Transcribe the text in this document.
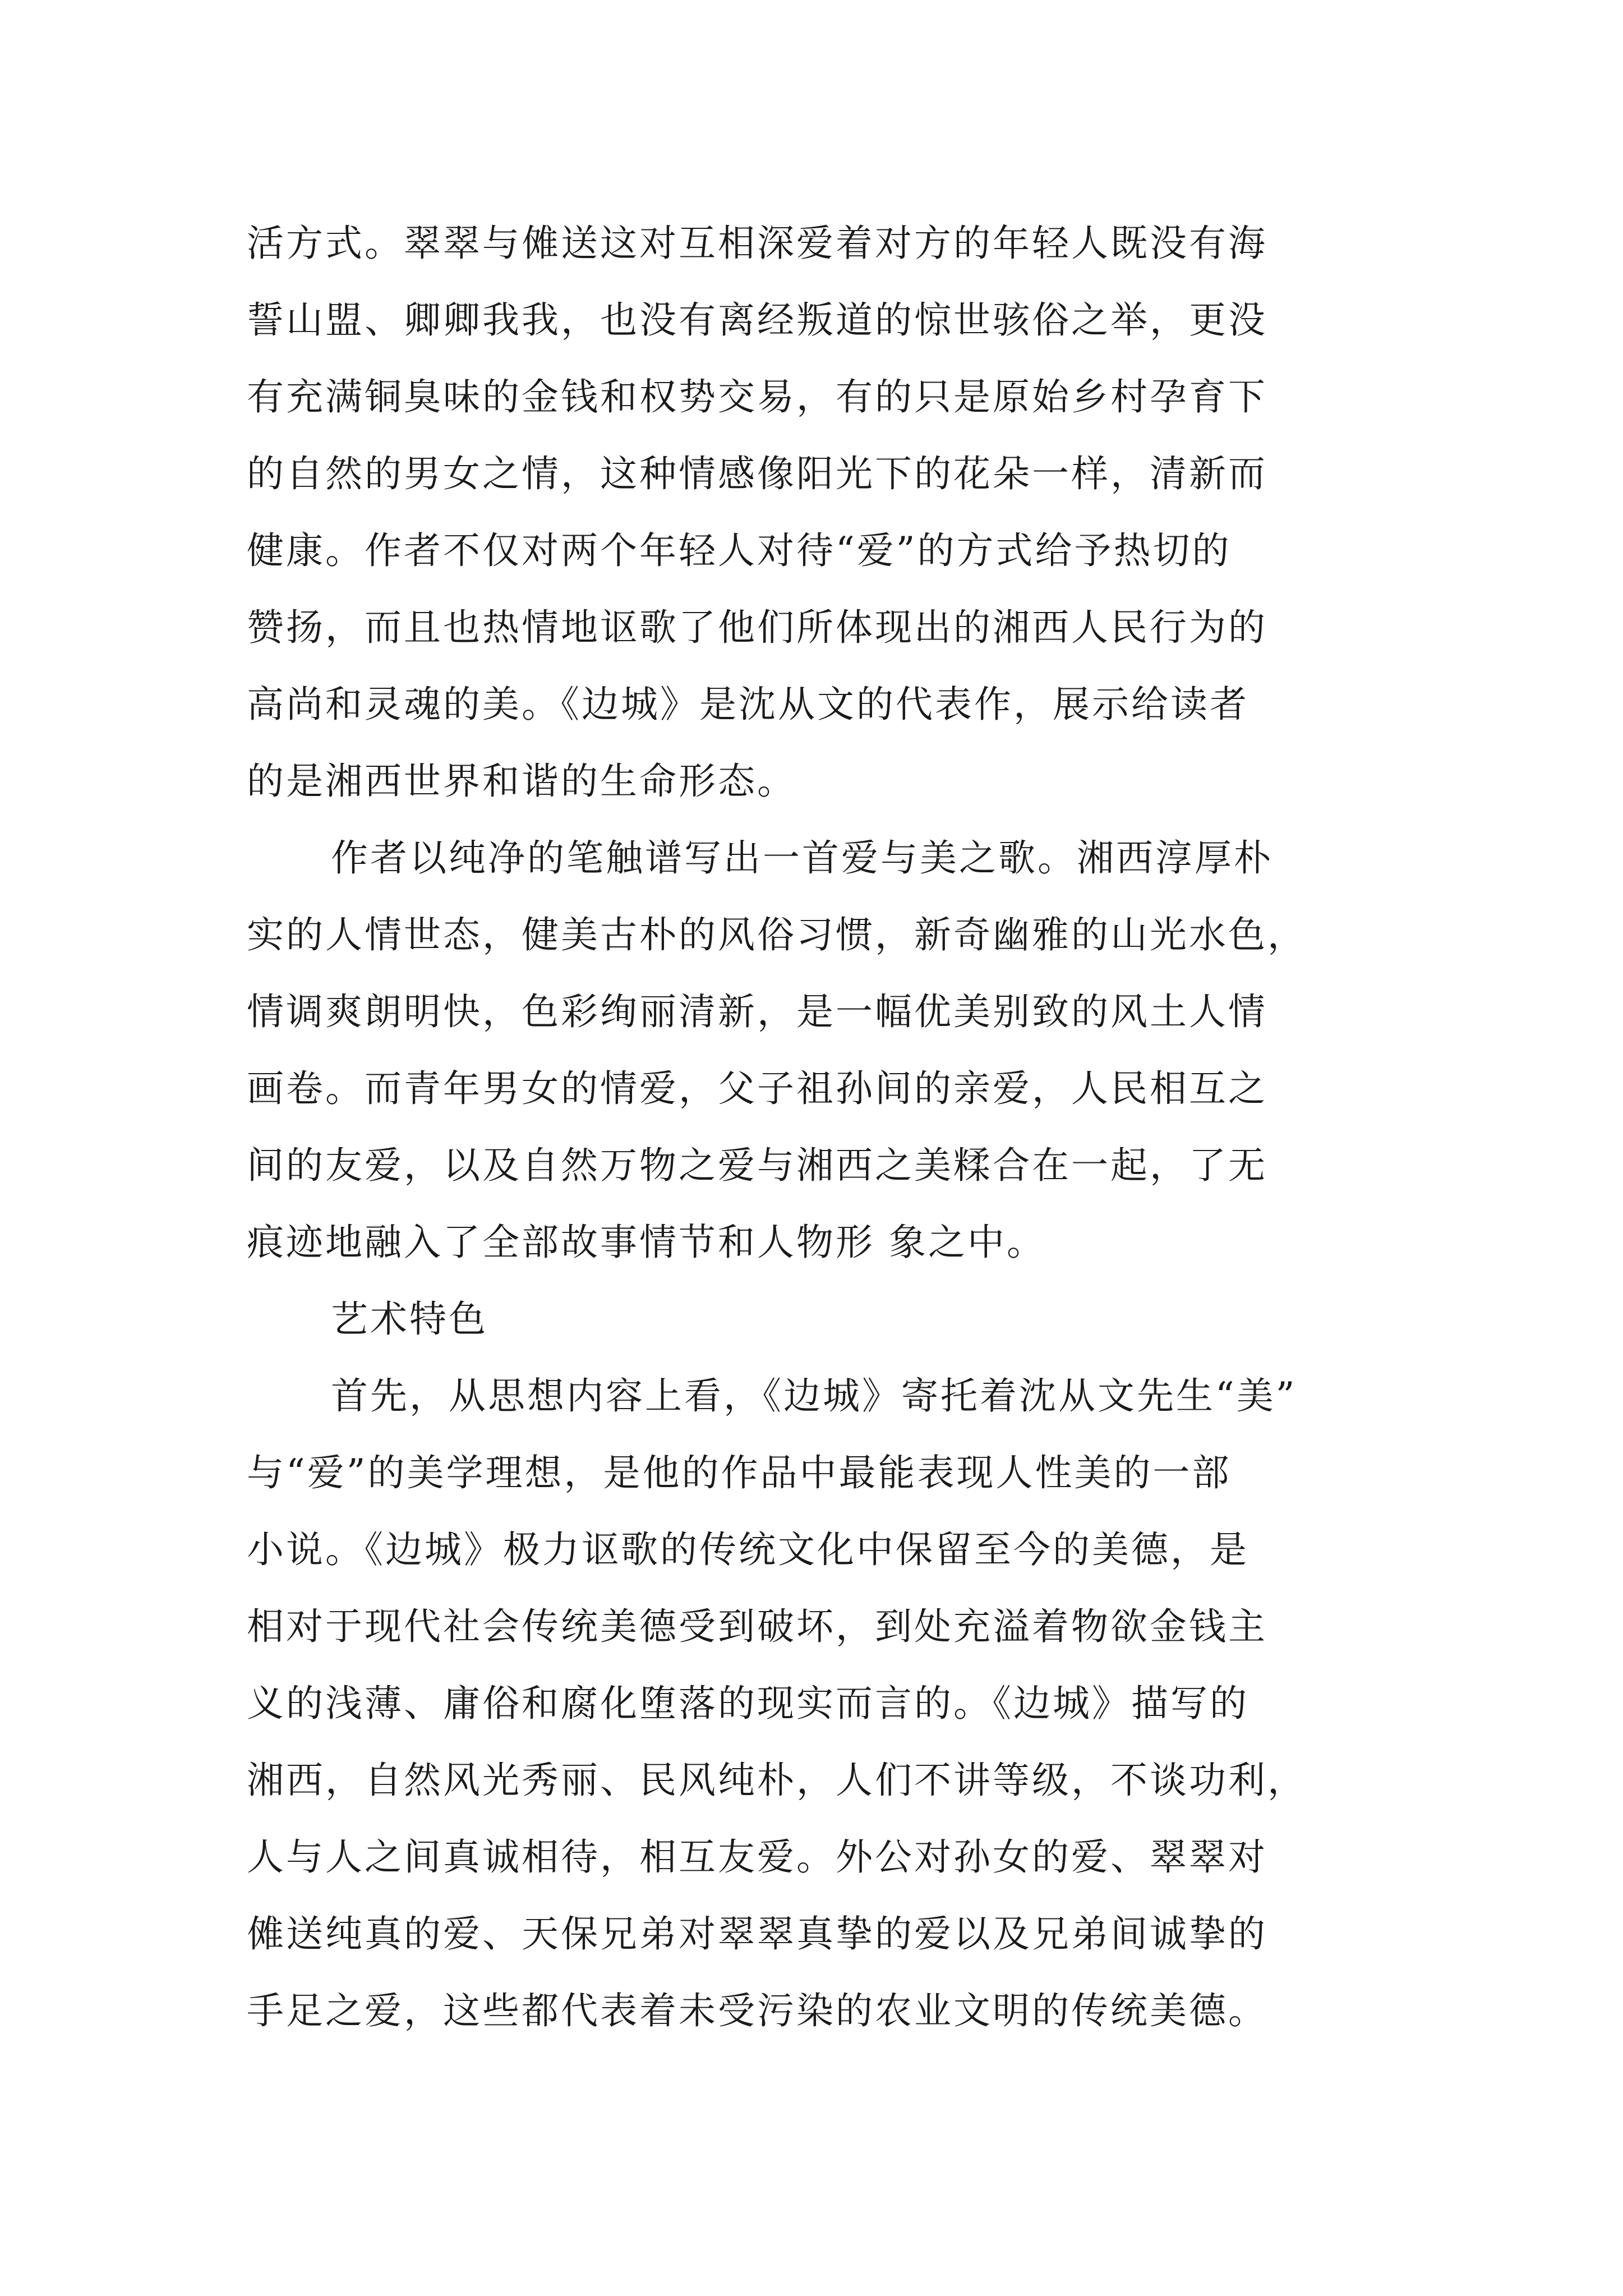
活方式。翠翠与傩送这对互相深爱着对方的年轻人既没有海
誓山盟、卿卿我我，也没有离经叛道的惊世骇俗之举，更没
有充满铜臭味的金钱和权势交易，有的只是原始乡村孕育下
的自然的男女之情，这种情感像阳光下的花朵一样，清新而
健康。作者不仅对两个年轻人对待“爱”的方式给予热切的
赞扬，而且也热情地讴歌了他们所体现出的湘西人民行为的
高尚和灵魂的美。《边城》是沈从文的代表作，展示给读者
的是湘西世界和谐的生命形态。
作者以纯净的笔触谱写出一首爱与美之歌。湘西淳厚朴
实的人情世态，健美古朴的风俗习惯，新奇幽雅的山光水色，
情调爽朗明快，色彩绚丽清新，是一幅优美别致的风土人情
画卷。而青年男女的情爱，父子祖孙间的亲爱，人民相互之
间的友爱，以及自然万物之爱与湘西之美糅合在一起，了无
痕迹地融入了全部故事情节和人物形 象之中。
艺术特色
首先，从思想内容上看，《边城》寄托着沈从文先生“美”
与“爱”的美学理想，是他的作品中最能表现人性美的一部
小说。《边城》极力讴歌的传统文化中保留至今的美德，是
相对于现代社会传统美德受到破坏，到处充溢着物欲金钱主
义的浅薄、庸俗和腐化堕落的现实而言的。《边城》描写的
湘西，自然风光秀丽、民风纯朴，人们不讲等级，不谈功利，
人与人之间真诚相待，相互友爱。外公对孙女的爱、翠翠对
傩送纯真的爱、天保兄弟对翠翠真挚的爱以及兄弟间诚挚的
手足之爱，这些都代表着未受污染的农业文明的传统美德。
